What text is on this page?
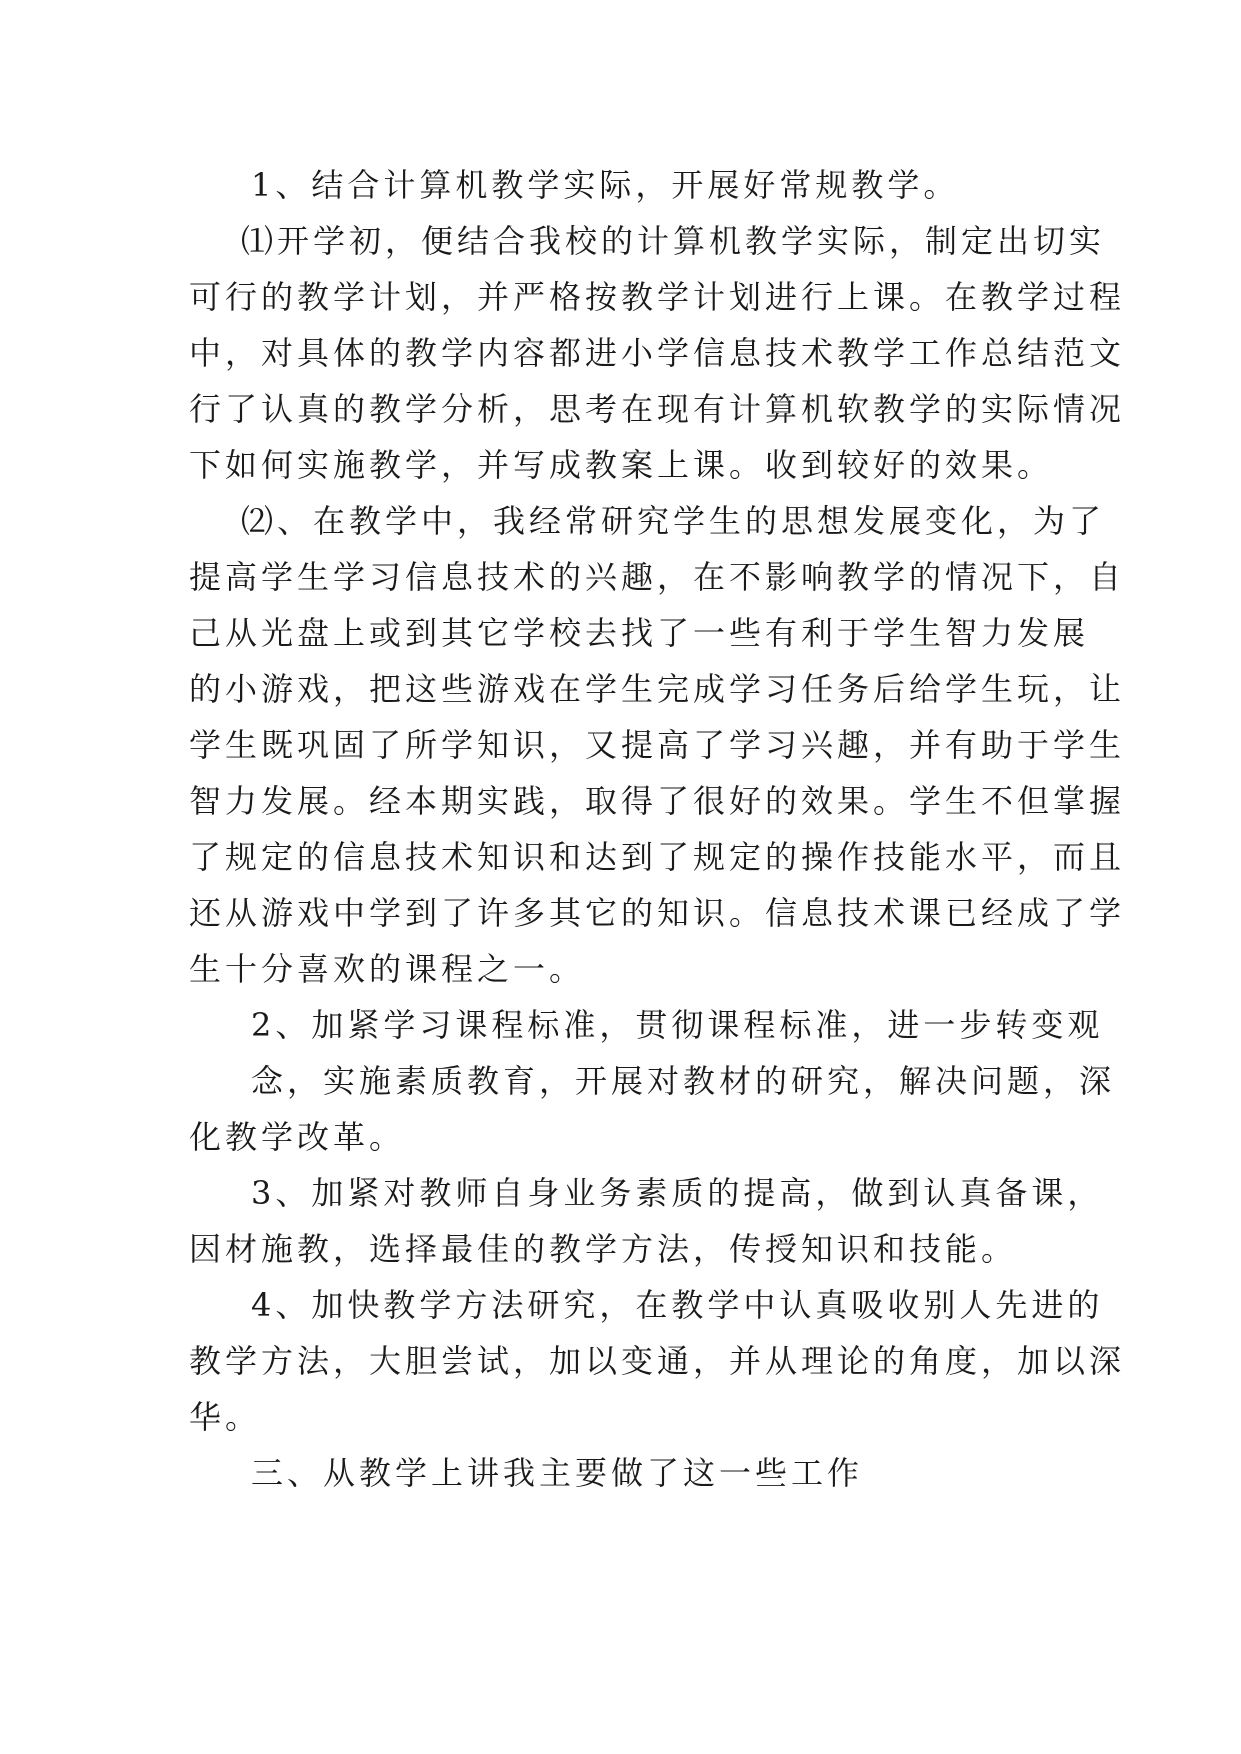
1、结合计算机教学实际，开展好常规教学。
⑴开学初，便结合我校的计算机教学实际，制定出切实
可行的教学计划，并严格按教学计划进行上课。在教学过程
中，对具体的教学内容都进小学信息技术教学工作总结范文
行了认真的教学分析，思考在现有计算机软教学的实际情况
下如何实施教学，并写成教案上课。收到较好的效果。
⑵、在教学中，我经常研究学生的思想发展变化，为了
提高学生学习信息技术的兴趣，在不影响教学的情况下，自
己从光盘上或到其它学校去找了一些有利于学生智力发展
的小游戏，把这些游戏在学生完成学习任务后给学生玩，让
学生既巩固了所学知识，又提高了学习兴趣，并有助于学生
智力发展。经本期实践，取得了很好的效果。学生不但掌握
了规定的信息技术知识和达到了规定的操作技能水平，而且
还从游戏中学到了许多其它的知识。信息技术课已经成了学
生十分喜欢的课程之一。
2、加紧学习课程标准，贯彻课程标准，进一步转变观
念，实施素质教育，开展对教材的研究，解决问题，深
化教学改革。
3、加紧对教师自身业务素质的提高，做到认真备课，
因材施教，选择最佳的教学方法，传授知识和技能。
4、加快教学方法研究，在教学中认真吸收别人先进的
教学方法，大胆尝试，加以变通，并从理论的角度，加以深
华。
三、从教学上讲我主要做了这一些工作
